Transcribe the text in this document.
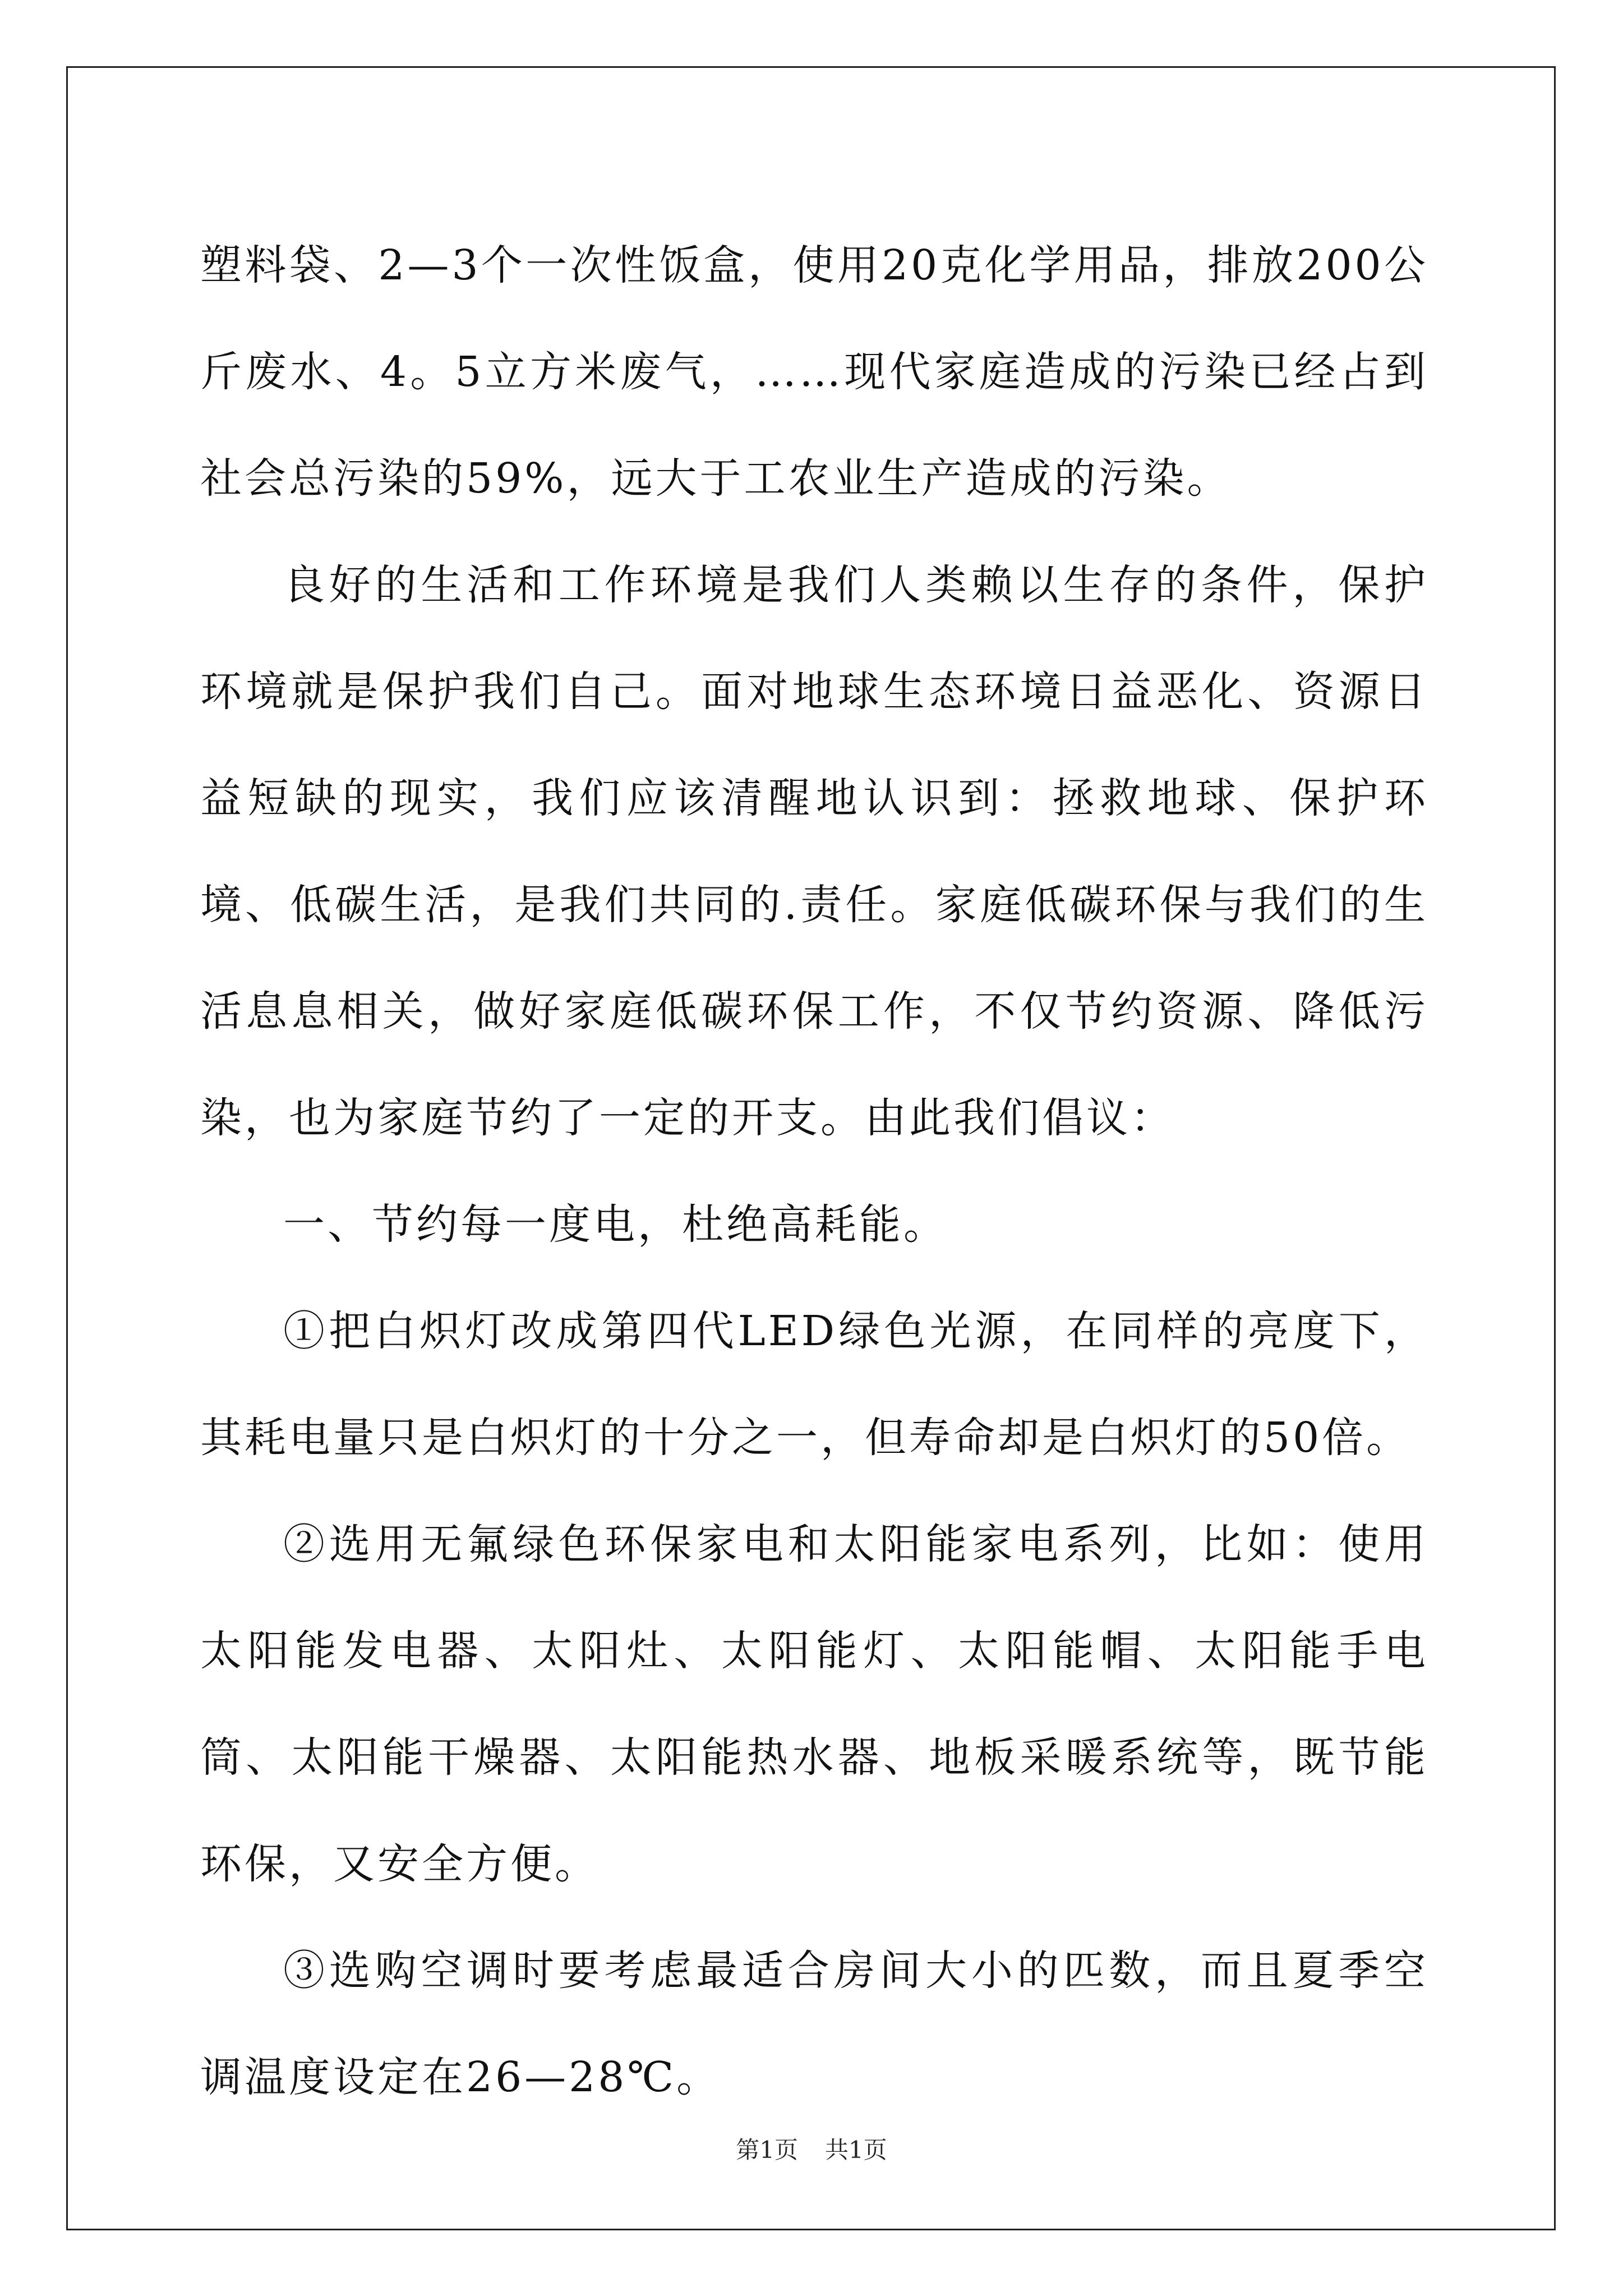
塑料袋、2—3个一次性饭盒，使用20克化学用品，排放200公斤废水、4。5立方米废气，……现代家庭造成的污染已经占到社会总污染的59%，远大于工农业生产造成的污染。

良好的生活和工作环境是我们人类赖以生存的条件，保护环境就是保护我们自己。面对地球生态环境日益恶化、资源日益短缺的现实，我们应该清醒地认识到：拯救地球、保护环境、低碳生活，是我们共同的.责任。家庭低碳环保与我们的生活息息相关，做好家庭低碳环保工作，不仅节约资源、降低污染，也为家庭节约了一定的开支。由此我们倡议：

一、节约每一度电，杜绝高耗能。

①把白炽灯改成第四代LED绿色光源，在同样的亮度下，其耗电量只是白炽灯的十分之一，但寿命却是白炽灯的50倍。

②选用无氟绿色环保家电和太阳能家电系列，比如：使用太阳能发电器、太阳灶、太阳能灯、太阳能帽、太阳能手电筒、太阳能干燥器、太阳能热水器、地板采暖系统等，既节能环保，又安全方便。

③选购空调时要考虑最适合房间大小的匹数，而且夏季空调温度设定在26—28℃。

第1页 共1页
